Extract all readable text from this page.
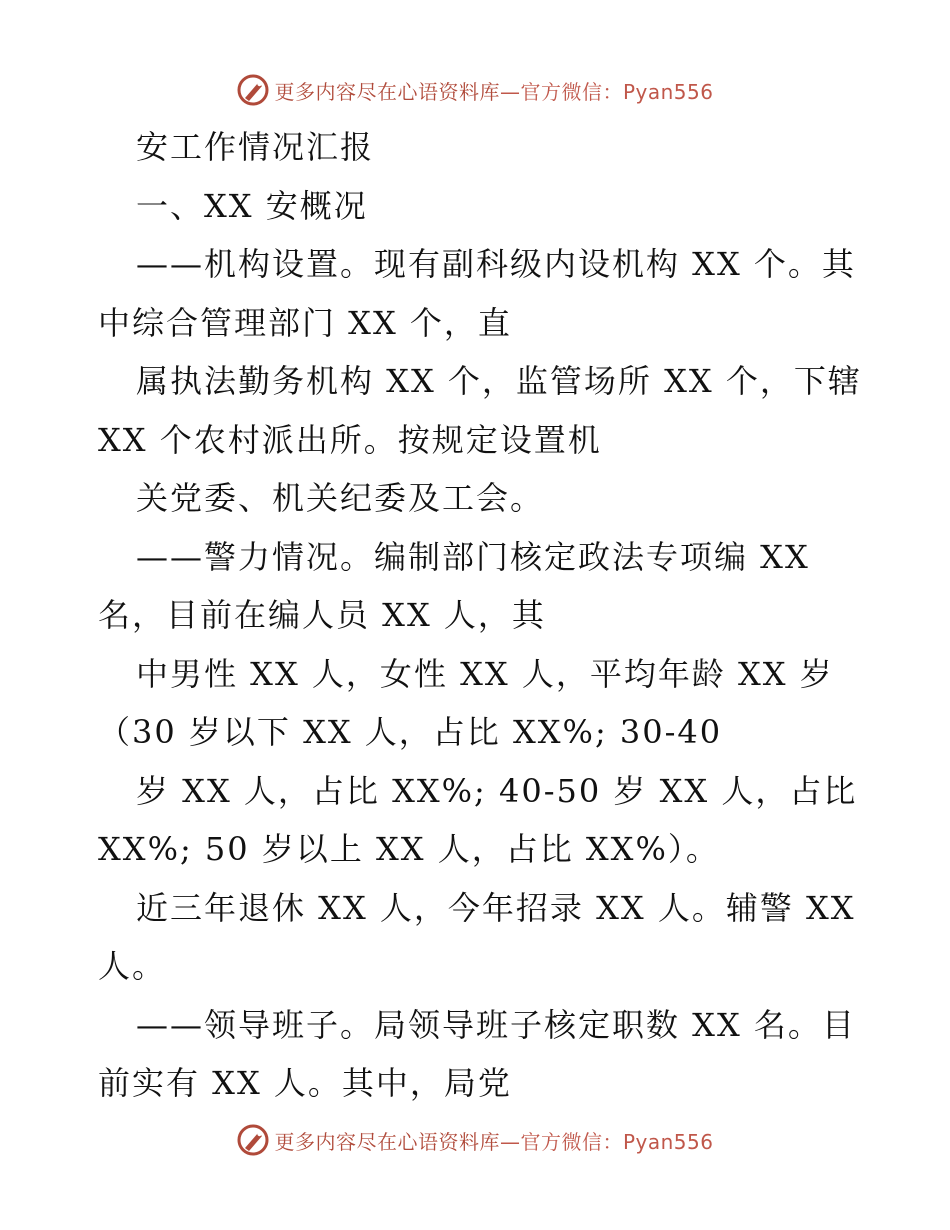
更多内容尽在心语资料库—官方微信：Pyan556
安工作情况汇报
一、XX 安概况
——机构设置。现有副科级内设机构 XX 个。其
中综合管理部门 XX 个，直
属执法勤务机构 XX 个，监管场所 XX 个，下辖
XX 个农村派出所。按规定设置机
关党委、机关纪委及工会。
——警力情况。编制部门核定政法专项编 XX
名，目前在编人员 XX 人，其
中男性 XX 人，女性 XX 人，平均年龄 XX 岁
（30 岁以下 XX 人，占比 XX%; 30-40
岁 XX 人，占比 XX%; 40-50 岁 XX 人，占比
XX%; 50 岁以上 XX 人，占比 XX%）。
近三年退休 XX 人，今年招录 XX 人。辅警 XX
人。
——领导班子。局领导班子核定职数 XX 名。目
前实有 XX 人。其中，局党
更多内容尽在心语资料库—官方微信：Pyan556
